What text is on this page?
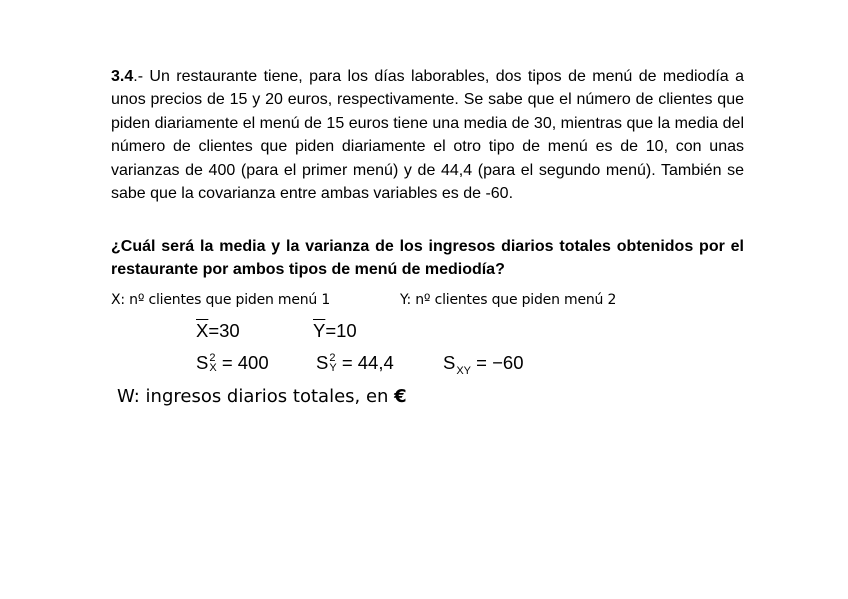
3.4.- Un restaurante tiene, para los días laborables, dos tipos de menú de mediodía a unos precios de 15 y 20 euros, respectivamente. Se sabe que el número de clientes que piden diariamente el menú de 15 euros tiene una media de 30, mientras que la media del número de clientes que piden diariamente el otro tipo de menú es de 10, con unas varianzas de 400 (para el primer menú) y de 44,4 (para el segundo menú). También se sabe que la covarianza entre ambas variables es de -60.

¿Cuál será la media y la varianza de los ingresos diarios totales obtenidos por el restaurante por ambos tipos de menú de mediodía?

X: nº clientes que piden menú 1	Y: nº clientes que piden menú 2
$\overline{X}=30$	$\overline{Y}=10$
S 2
X = 400	S 2
Y = 44,4	$S_{XY} = -60$
W: ingresos diarios totales, en €
